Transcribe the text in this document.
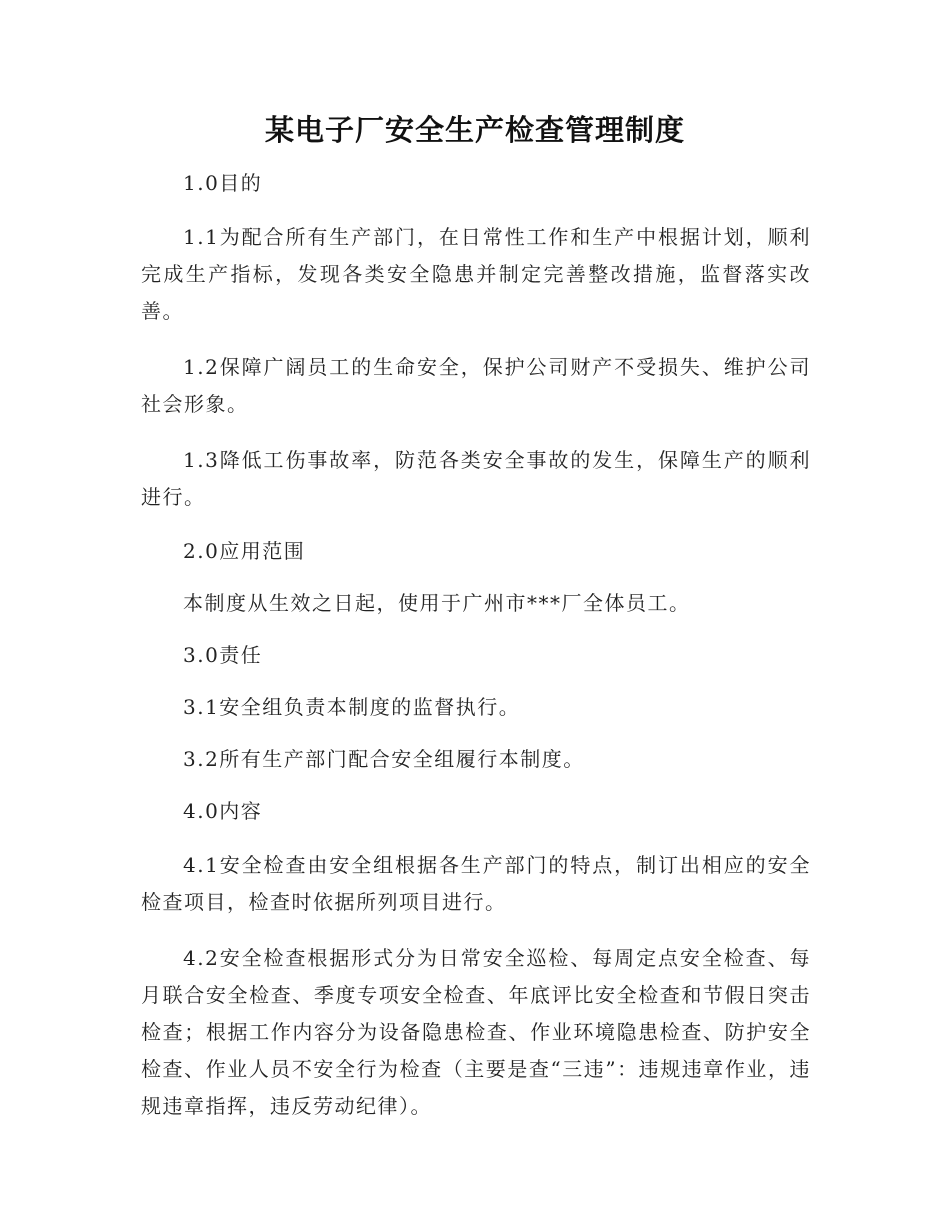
某电子厂安全生产检查管理制度

1.0目的

1.1为配合所有生产部门，在日常性工作和生产中根据计划，顺利完成生产指标，发现各类安全隐患并制定完善整改措施，监督落实改善。

1.2保障广阔员工的生命安全，保护公司财产不受损失、维护公司社会形象。

1.3降低工伤事故率，防范各类安全事故的发生，保障生产的顺利进行。

2.0应用范围

本制度从生效之日起，使用于广州市***厂全体员工。

3.0责任

3.1安全组负责本制度的监督执行。

3.2所有生产部门配合安全组履行本制度。

4.0内容

4.1安全检查由安全组根据各生产部门的特点，制订出相应的安全检查项目，检查时依据所列项目进行。

4.2安全检查根据形式分为日常安全巡检、每周定点安全检查、每月联合安全检查、季度专项安全检查、年底评比安全检查和节假日突击检查；根据工作内容分为设备隐患检查、作业环境隐患检查、防护安全检查、作业人员不安全行为检查（主要是查“三违”：违规违章作业，违规违章指挥，违反劳动纪律）。
